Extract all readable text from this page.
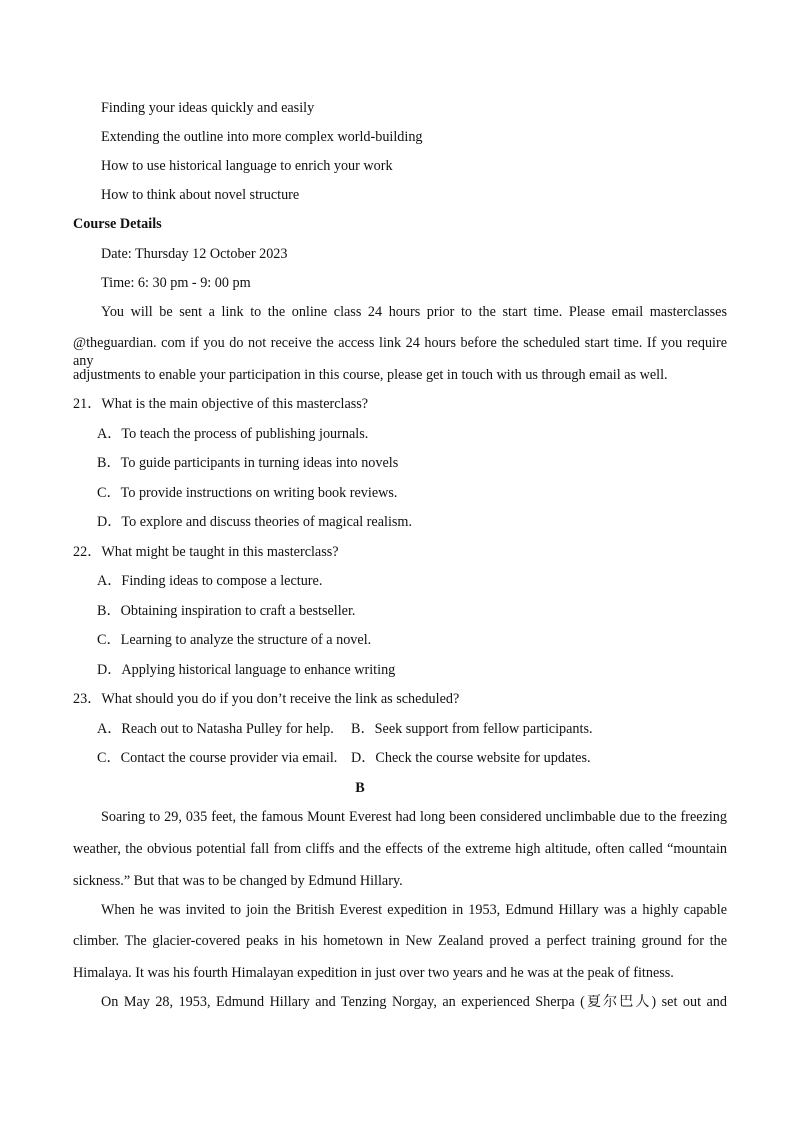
Finding your ideas quickly and easily
Extending the outline into more complex world-building
How to use historical language to enrich your work
How to think about novel structure
Course Details
Date: Thursday 12 October 2023
Time: 6: 30 pm - 9: 00 pm
You will be sent a link to the online class 24 hours prior to the start time. Please email masterclasses
@theguardian. com if you do not receive the access link 24 hours before the scheduled start time. If you require any
adjustments to enable your participation in this course, please get in touch with us through email as well.
21．What is the main objective of this masterclass?
A．To teach the process of publishing journals.
B．To guide participants in turning ideas into novels
C．To provide instructions on writing book reviews.
D．To explore and discuss theories of magical realism.
22．What might be taught in this masterclass?
A．Finding ideas to compose a lecture.
B．Obtaining inspiration to craft a bestseller.
C．Learning to analyze the structure of a novel.
D．Applying historical language to enhance writing
23．What should you do if you don’t receive the link as scheduled?
A．Reach out to Natasha Pulley for help. B．Seek support from fellow participants.
C．Contact the course provider via email. D．Check the course website for updates.
B
Soaring to 29, 035 feet, the famous Mount Everest had long been considered unclimbable due to the freezing
weather, the obvious potential fall from cliffs and the effects of the extreme high altitude, often called “mountain
sickness.” But that was to be changed by Edmund Hillary.
When he was invited to join the British Everest expedition in 1953, Edmund Hillary was a highly capable
climber. The glacier-covered peaks in his hometown in New Zealand proved a perfect training ground for the
Himalaya. It was his fourth Himalayan expedition in just over two years and he was at the peak of fitness.
On May 28, 1953, Edmund Hillary and Tenzing Norgay, an experienced Sherpa (夏尔巴人) set out and
